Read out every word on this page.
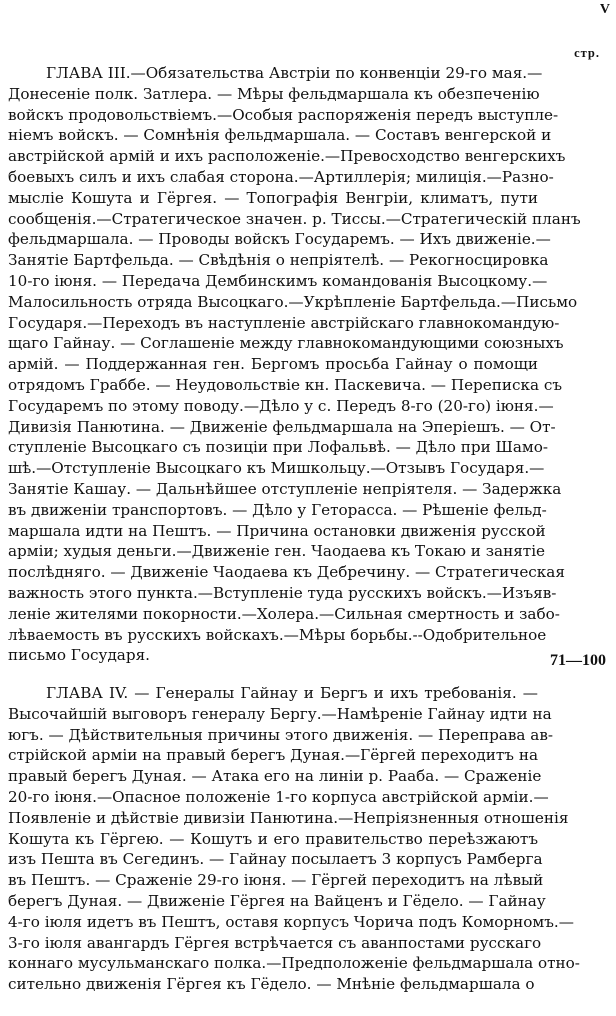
V
стр.
ГЛАВА III.—Обязательства Австріи по конвенціи 29-го мая.—
Донесеніе полк. Затлера. — Мѣры фельдмаршала къ обезпеченію
войскъ продовольствіемъ.—Особыя распоряженія передъ выступле-
ніемъ войскъ. — Сомнѣнія фельдмаршала. — Составъ венгерской и
австрійской армій и ихъ расположеніе.—Превосходство венгерскихъ
боевыхъ силъ и ихъ слабая сторона.—Артиллерія; милиція.—Разно-
мысліе Кошута и Гёргея. — Топографія Венгріи, климатъ, пути
сообщенія.—Стратегическое значен. р. Тиссы.—Стратегическій планъ
фельдмаршала. — Проводы войскъ Государемъ. — Ихъ движеніе.—
Занятіе Бартфельда. — Свѣдѣнія о непріятелѣ. — Рекогносцировка
10-го іюня. — Передача Дембинскимъ командованія Высоцкому.—
Малосильность отряда Высоцкаго.—Укрѣпленіе Бартфельда.—Письмо
Государя.—Переходъ въ наступленіе австрійскаго главнокомандую-
щаго Гайнау. — Соглашеніе между главнокомандующими союзныхъ
армій. — Поддержанная ген. Бергомъ просьба Гайнау о помощи
отрядомъ Граббе. — Неудовольствіе кн. Паскевича. — Переписка съ
Государемъ по этому поводу.—Дѣло у с. Передъ 8-го (20-го) іюня.—
Дивизія Панютина. — Движеніе фельдмаршала на Эперіешъ. — От-
ступленіе Высоцкаго съ позиціи при Лофальвѣ. — Дѣло при Шамо-
шѣ.—Отступленіе Высоцкаго къ Мишкольцу.—Отзывъ Государя.—
Занятіе Кашау. — Дальнѣйшее отступленіе непріятеля. — Задержка
въ движеніи транспортовъ. — Дѣло у Геторасса. — Рѣшеніе фельд-
маршала идти на Пештъ. — Причина остановки движенія русской
арміи; худыя деньги.—Движеніе ген. Чаодаева къ Токаю и занятіе
послѣдняго. — Движеніе Чаодаева къ Дебречину. — Стратегическая
важность этого пункта.—Вступленіе туда русскихъ войскъ.—Изъяв-
леніе жителями покорности.—Холера.—Сильная смертность и забо-
лѣваемость въ русскихъ войскахъ.—Мѣры борьбы.--Одобрительное
письмо Государя.	71—100
ГЛАВА IV. — Генералы Гайнау и Бергъ и ихъ требованія. —
Высочайшій выговоръ генералу Бергу.—Намѣреніе Гайнау идти на
югъ. — Дѣйствительныя причины этого движенія. — Переправа ав-
стрійской арміи на правый берегъ Дуная.—Гёргей переходитъ на
правый берегъ Дуная. — Атака его на линіи р. Рааба. — Сраженіе
20-го іюня.—Опасное положеніе 1-го корпуса австрійской арміи.—
Появленіе и дѣйствіе дивизіи Панютина.—Непріязненныя отношенія
Кошута къ Гёргею. — Кошутъ и его правительство переѣзжаютъ
изъ Пешта въ Сегединъ. — Гайнау посылаетъ 3 корпусъ Рамберга
въ Пештъ. — Сраженіе 29-го іюня. — Гёргей переходитъ на лѣвый
берегъ Дуная. — Движеніе Гёргея на Вайценъ и Гёдело. — Гайнау
4-го іюля идетъ въ Пештъ, оставя корпусъ Чорича подъ Коморномъ.—
3-го іюля авангардъ Гёргея встрѣчается съ аванпостами русскаго
коннаго мусульманскаго полка.—Предположеніе фельдмаршала отно-
сительно движенія Гёргея къ Гёдело. — Мнѣніе фельдмаршала о
